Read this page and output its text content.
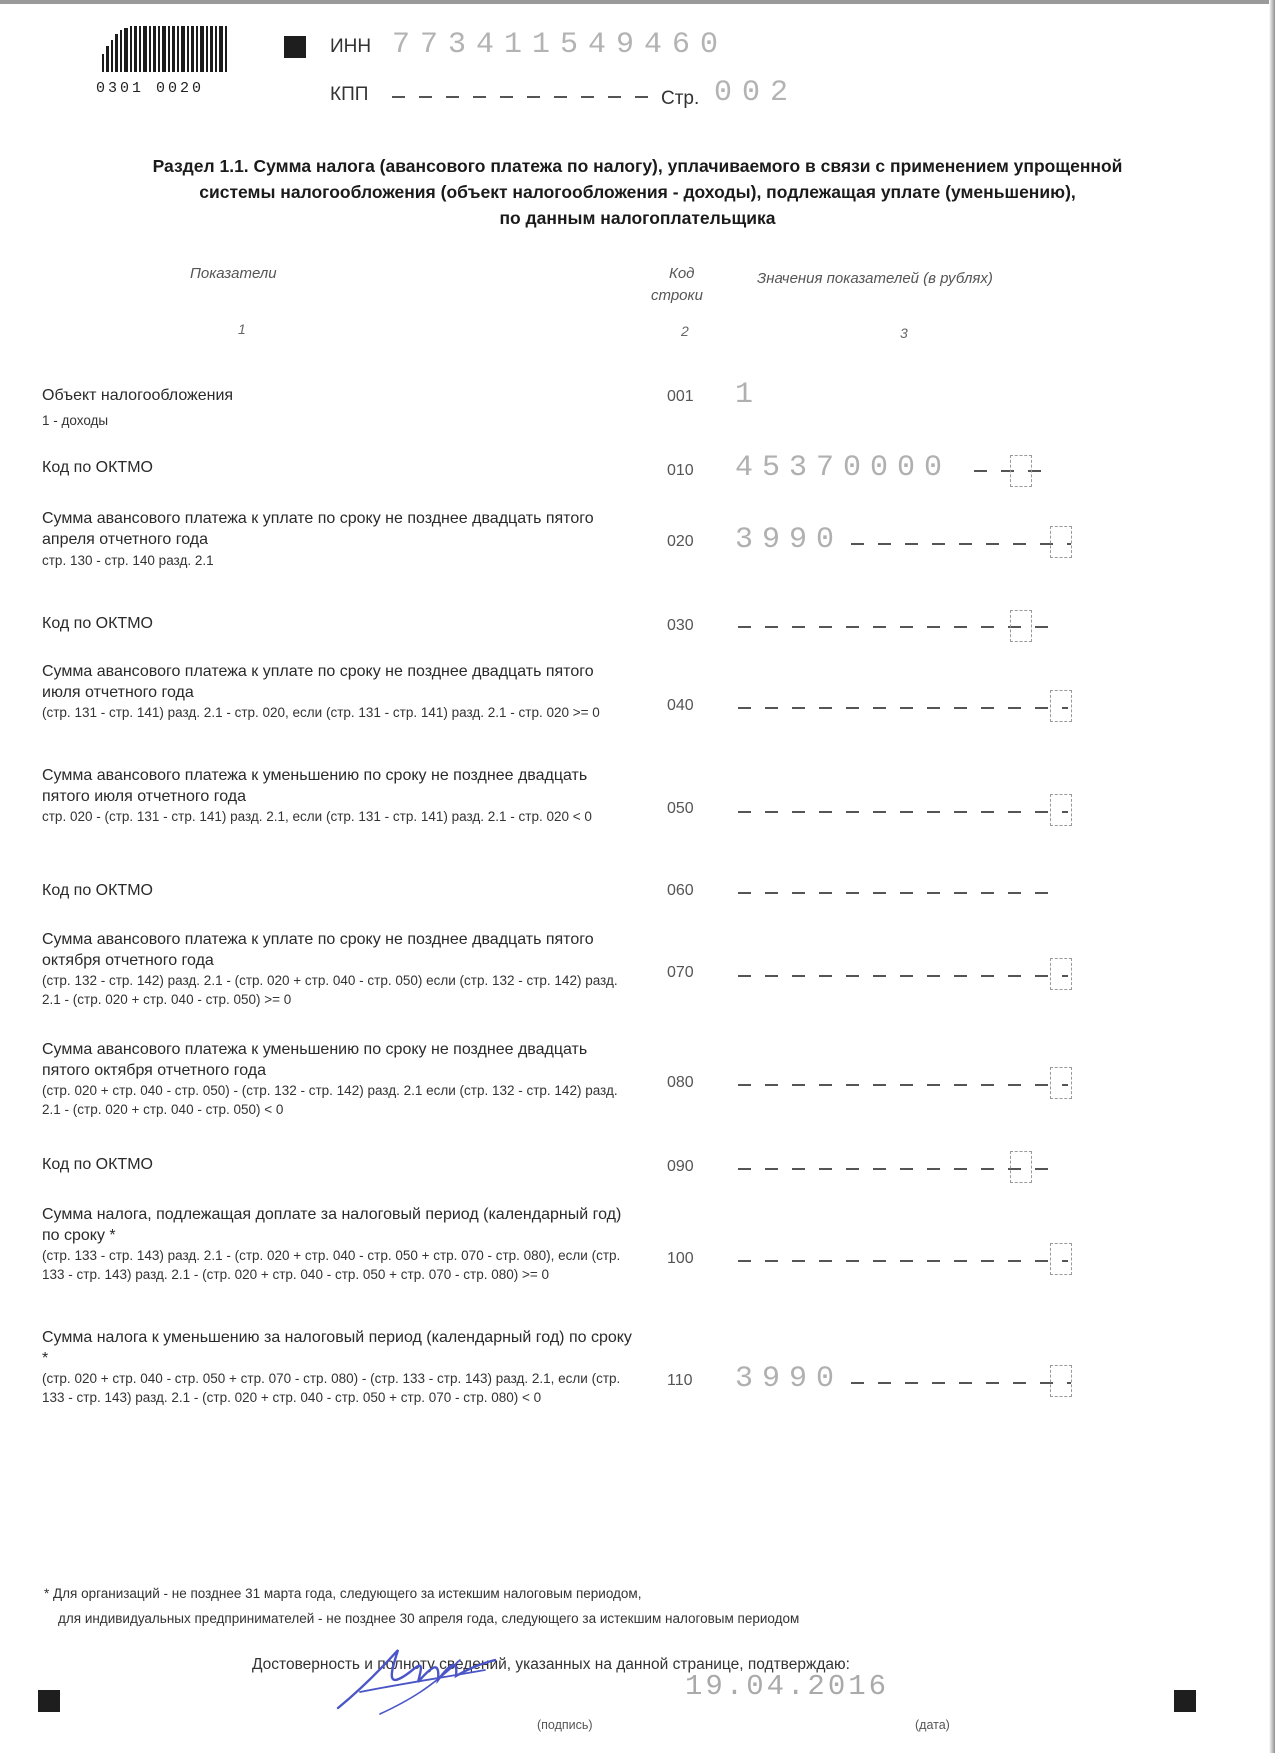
0301 0020
ИНН 773411549460
КПП	Стр. 002
Раздел 1.1. Сумма налога (авансового платежа по налогу), уплачиваемого в связи с применением упрощенной
системы налогообложения (объект налогообложения - доходы), подлежащая уплате (уменьшению),
по данным налогоплательщика
Показатели	Код
строки
Значения показателей (в рублях)
1	2	3
Объект налогообложения
1 - доходы
001 1
Код по ОКТМО	010 45370000
Сумма авансового платежа к уплате по сроку не позднее двадцать пятого апреля отчетного года
стр. 130 - стр. 140 разд. 2.1
020 3990
Код по ОКТМО	030
Сумма авансового платежа к уплате по сроку не позднее двадцать пятого июля отчетного года
(стр. 131 - стр. 141) разд. 2.1 - стр. 020, если (стр. 131 - стр. 141) разд. 2.1 - стр. 020 >= 0	040
Сумма авансового платежа к уменьшению по сроку не позднее двадцать пятого июля отчетного года
стр. 020 - (стр. 131 - стр. 141) разд. 2.1, если (стр. 131 - стр. 141) разд. 2.1 - стр. 020 < 0	050
Код по ОКТМО	060
Сумма авансового платежа к уплате по сроку не позднее двадцать пятого октября отчетного года
(стр. 132 - стр. 142) разд. 2.1 - (стр. 020 + стр. 040 - стр. 050) если (стр. 132 - стр. 142) разд. 2.1 - (стр. 020 + стр. 040 - стр. 050) >= 0
070
Сумма авансового платежа к уменьшению по сроку не позднее двадцать пятого октября отчетного года
(стр. 020 + стр. 040 - стр. 050) - (стр. 132 - стр. 142) разд. 2.1 если (стр. 132 - стр. 142) разд. 2.1 - (стр. 020 + стр. 040 - стр. 050) < 0
080
Код по ОКТМО	090
Сумма налога, подлежащая доплате за налоговый период (календарный год) по сроку *
(стр. 133 - стр. 143) разд. 2.1 - (стр. 020 + стр. 040 - стр. 050 + стр. 070 - стр. 080), если (стр. 133 - стр. 143) разд. 2.1 - (стр. 020 + стр. 040 - стр. 050 + стр. 070 - стр. 080) >= 0
100
Сумма налога к уменьшению за налоговый период (календарный год) по сроку *
(стр. 020 + стр. 040 - стр. 050 + стр. 070 - стр. 080) - (стр. 133 - стр. 143) разд. 2.1, если (стр. 133 - стр. 143) разд. 2.1 - (стр. 020 + стр. 040 - стр. 050 + стр. 070 - стр. 080) < 0
110 3990
* Для организаций - не позднее 31 марта года, следующего за истекшим налоговым периодом,
для индивидуальных предпринимателей - не позднее 30 апреля года, следующего за истекшим налоговым периодом
Достоверность и полноту сведений, указанных на данной странице, подтверждаю:
(подпись)
19.04.2016
(дата)
